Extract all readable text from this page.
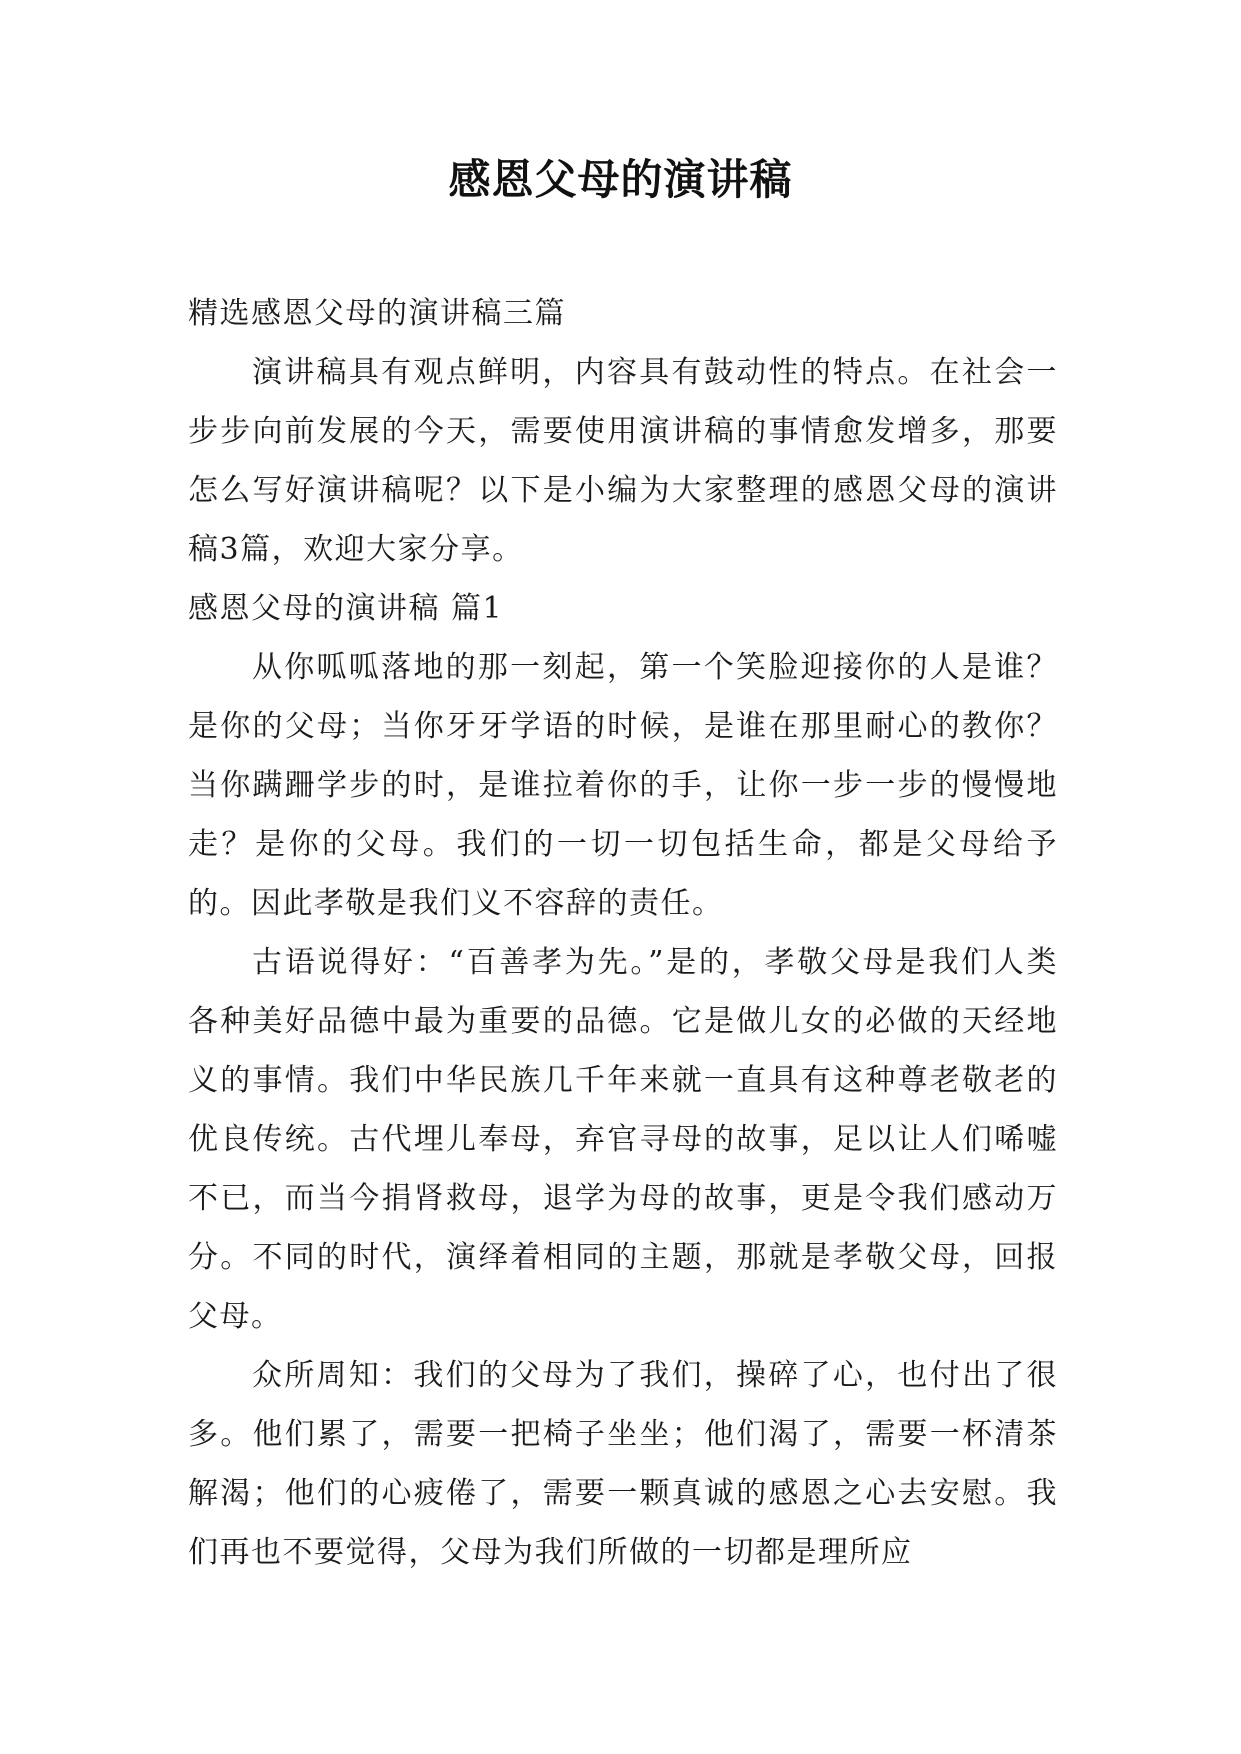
感恩父母的演讲稿

精选感恩父母的演讲稿三篇

演讲稿具有观点鲜明，内容具有鼓动性的特点。在社会一步步向前发展的今天，需要使用演讲稿的事情愈发增多，那要怎么写好演讲稿呢？以下是小编为大家整理的感恩父母的演讲稿3篇，欢迎大家分享。

感恩父母的演讲稿 篇1

从你呱呱落地的那一刻起，第一个笑脸迎接你的人是谁？是你的父母；当你牙牙学语的时候，是谁在那里耐心的教你？当你蹒跚学步的时，是谁拉着你的手，让你一步一步的慢慢地走？是你的父母。我们的一切一切包括生命，都是父母给予的。因此孝敬是我们义不容辞的责任。

古语说得好：“百善孝为先。”是的，孝敬父母是我们人类各种美好品德中最为重要的品德。它是做儿女的必做的天经地义的事情。我们中华民族几千年来就一直具有这种尊老敬老的优良传统。古代埋儿奉母，弃官寻母的故事，足以让人们唏嘘不已，而当今捐肾救母，退学为母的故事，更是令我们感动万分。不同的时代，演绎着相同的主题，那就是孝敬父母，回报父母。

众所周知：我们的父母为了我们，操碎了心，也付出了很多。他们累了，需要一把椅子坐坐；他们渴了，需要一杯清茶解渴；他们的心疲倦了，需要一颗真诚的感恩之心去安慰。我们再也不要觉得，父母为我们所做的一切都是理所应
